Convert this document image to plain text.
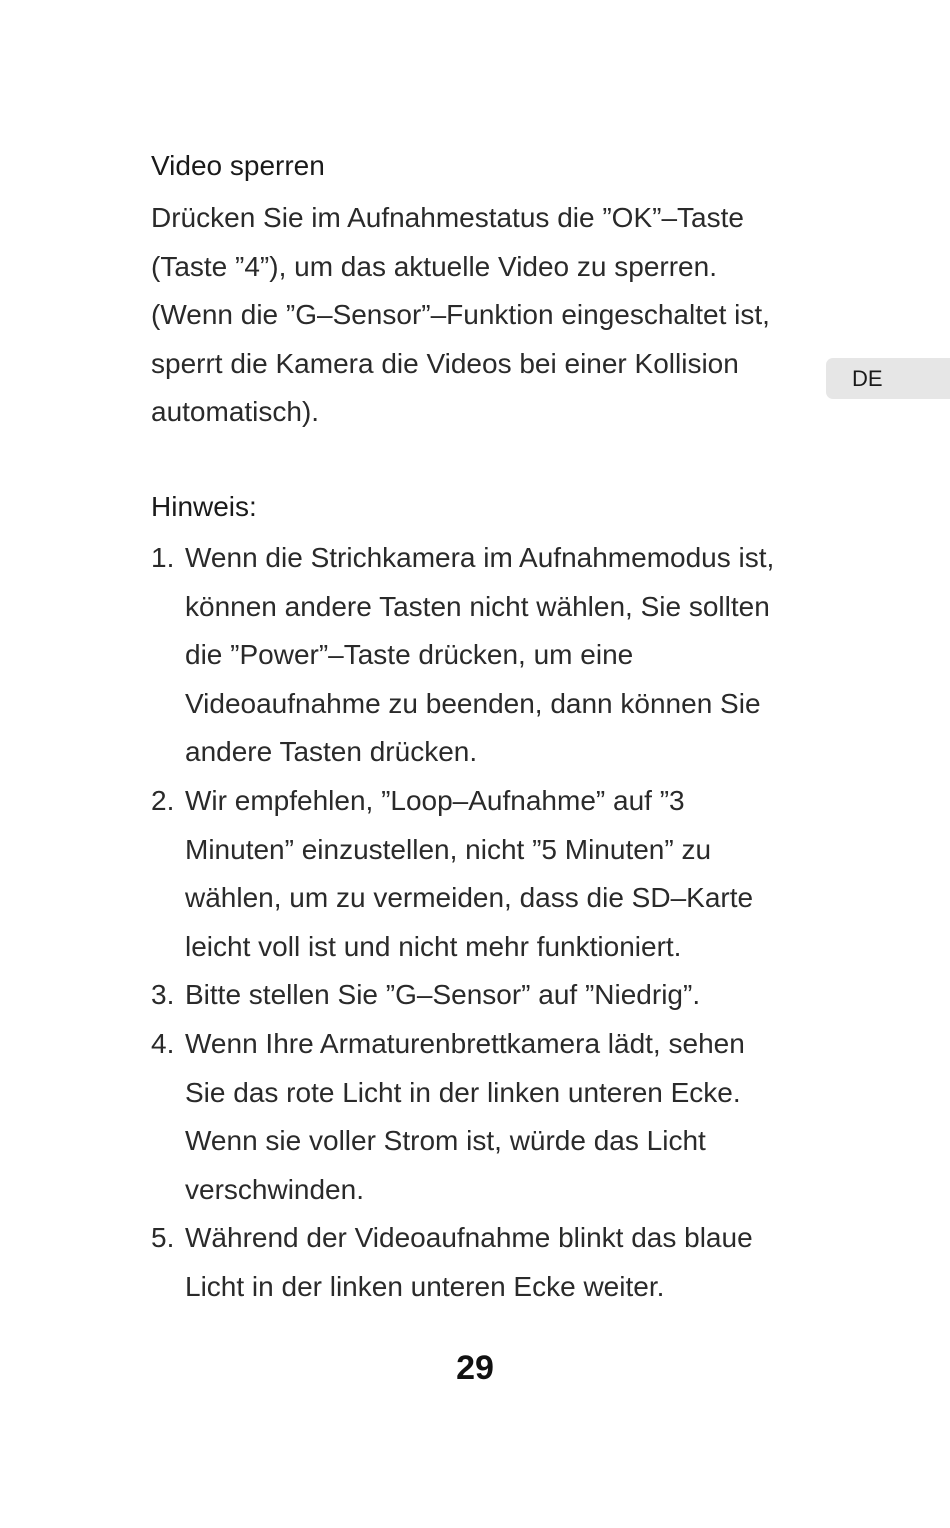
Video sperren

Drücken Sie im Aufnahmestatus die ”OK”–Taste
(Taste ”4”), um das aktuelle Video zu sperren.
(Wenn die ”G–Sensor”–Funktion eingeschaltet ist,
sperrt die Kamera die Videos bei einer Kollision
automatisch).

Hinweis:
1. Wenn die Strichkamera im Aufnahmemodus ist,
können andere Tasten nicht wählen, Sie sollten
die ”Power”–Taste drücken, um eine
Videoaufnahme zu beenden, dann können Sie
andere Tasten drücken.
2. Wir empfehlen, ”Loop–Aufnahme” auf ”3
Minuten” einzustellen, nicht ”5 Minuten” zu
wählen, um zu vermeiden, dass die SD–Karte
leicht voll ist und nicht mehr funktioniert.
3. Bitte stellen Sie ”G–Sensor” auf ”Niedrig”.
4. Wenn Ihre Armaturenbrettkamera lädt, sehen
Sie das rote Licht in der linken unteren Ecke.
Wenn sie voller Strom ist, würde das Licht
verschwinden.
5. Während der Videoaufnahme blinkt das blaue
Licht in der linken unteren Ecke weiter.
DE
29
